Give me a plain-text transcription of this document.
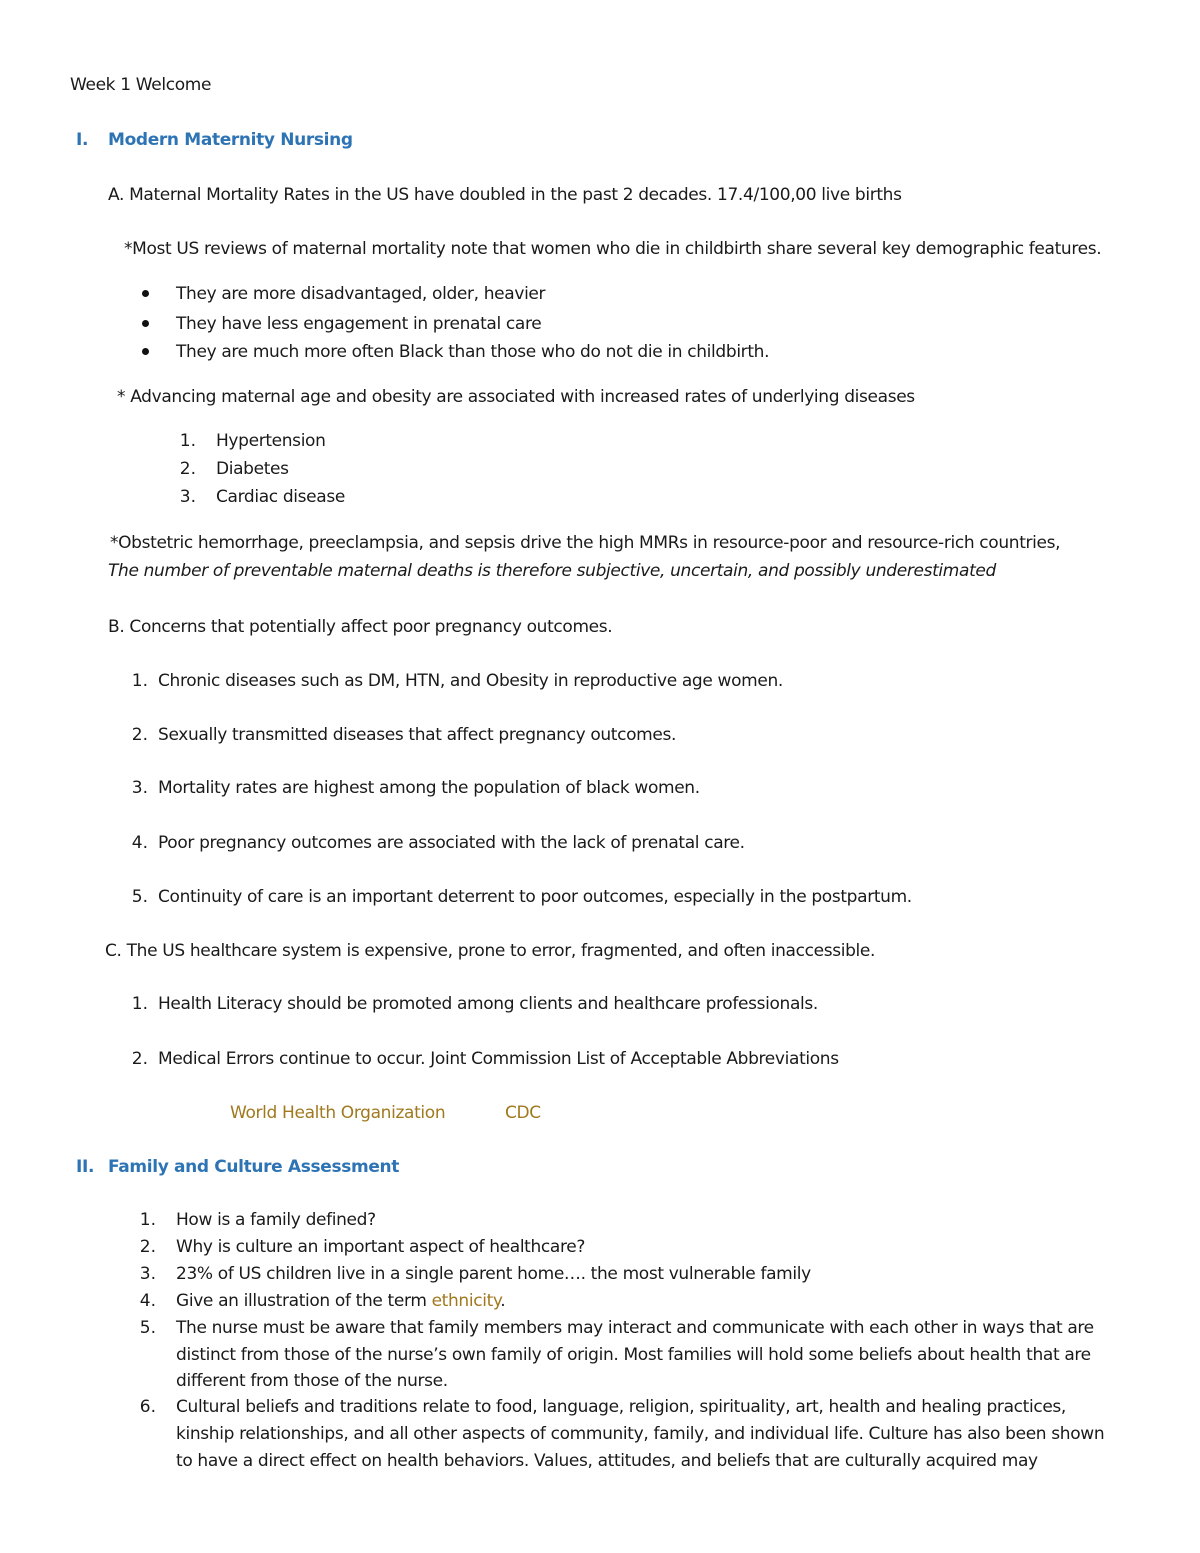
Week 1 Welcome
I. Modern Maternity Nursing
A. Maternal Mortality Rates in the US have doubled in the past 2 decades. 17.4/100,00 live births
*Most US reviews of maternal mortality note that women who die in childbirth share several key demographic features.
They are more disadvantaged, older, heavier
They have less engagement in prenatal care
They are much more often Black than those who do not die in childbirth.
* Advancing maternal age and obesity are associated with increased rates of underlying diseases
1. Hypertension
2. Diabetes
3. Cardiac disease
*Obstetric hemorrhage, preeclampsia, and sepsis drive the high MMRs in resource-poor and resource-rich countries,
The number of preventable maternal deaths is therefore subjective, uncertain, and possibly underestimated
B. Concerns that potentially affect poor pregnancy outcomes.
1. Chronic diseases such as DM, HTN, and Obesity in reproductive age women.
2. Sexually transmitted diseases that affect pregnancy outcomes.
3. Mortality rates are highest among the population of black women.
4. Poor pregnancy outcomes are associated with the lack of prenatal care.
5. Continuity of care is an important deterrent to poor outcomes, especially in the postpartum.
C. The US healthcare system is expensive, prone to error, fragmented, and often inaccessible.
1. Health Literacy should be promoted among clients and healthcare professionals.
2. Medical Errors continue to occur. Joint Commission List of Acceptable Abbreviations
World Health Organization	CDC
II. Family and Culture Assessment
1. How is a family defined?
2. Why is culture an important aspect of healthcare?
3. 23% of US children live in a single parent home…. the most vulnerable family
4. Give an illustration of the term ethnicity.
5. The nurse must be aware that family members may interact and communicate with each other in ways that are
distinct from those of the nurse’s own family of origin. Most families will hold some beliefs about health that are
different from those of the nurse.
6. Cultural beliefs and traditions relate to food, language, religion, spirituality, art, health and healing practices,
kinship relationships, and all other aspects of community, family, and individual life. Culture has also been shown
to have a direct effect on health behaviors. Values, attitudes, and beliefs that are culturally acquired may
